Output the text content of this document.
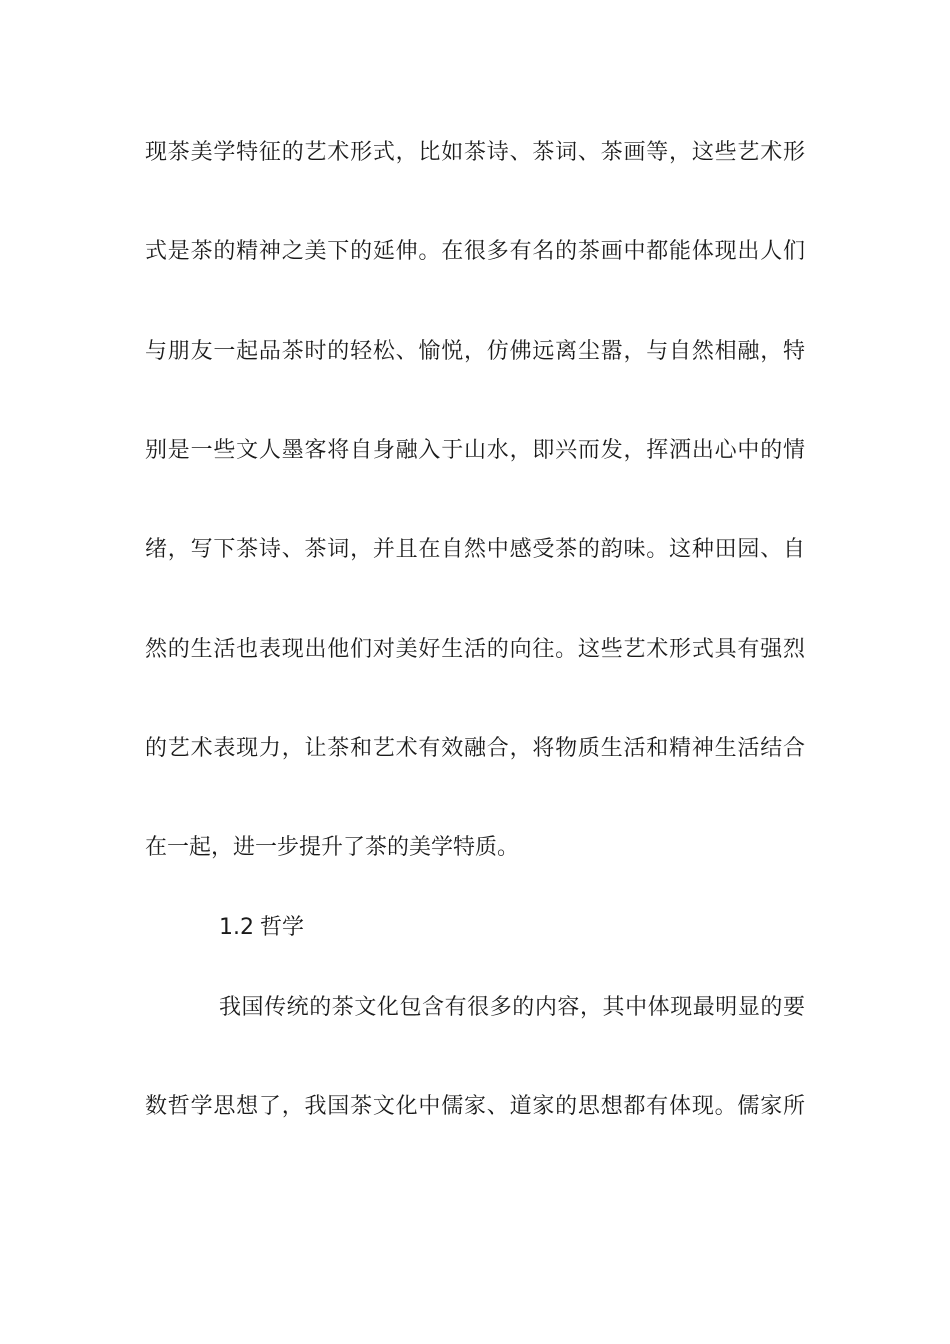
现茶美学特征的艺术形式，比如茶诗、茶词、茶画等，这些艺术形
式是茶的精神之美下的延伸。在很多有名的茶画中都能体现出人们
与朋友一起品茶时的轻松、愉悦，仿佛远离尘嚣，与自然相融，特
别是一些文人墨客将自身融入于山水，即兴而发，挥洒出心中的情
绪，写下茶诗、茶词，并且在自然中感受茶的韵味。这种田园、自
然的生活也表现出他们对美好生活的向往。这些艺术形式具有强烈
的艺术表现力，让茶和艺术有效融合，将物质生活和精神生活结合
在一起，进一步提升了茶的美学特质。
1.2 哲学
我国传统的茶文化包含有很多的内容，其中体现最明显的要
数哲学思想了，我国茶文化中儒家、道家的思想都有体现。儒家所
